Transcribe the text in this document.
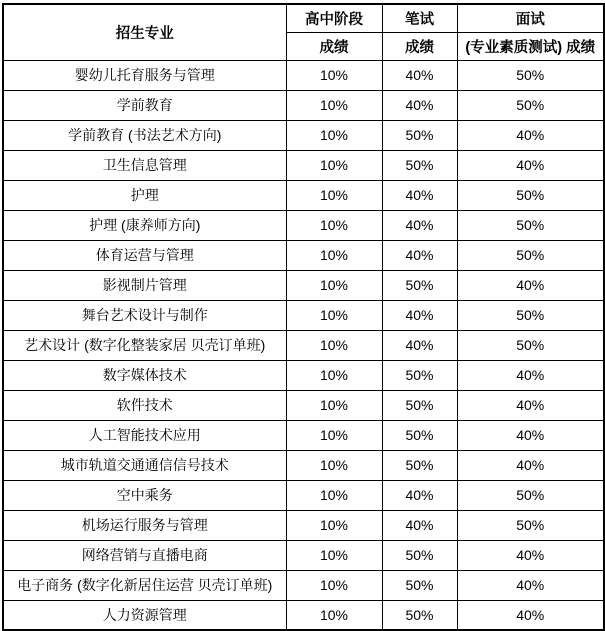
招生专业	高中阶段	笔试	面试
	成绩	成绩	(专业素质测试) 成绩
婴幼儿托育服务与管理	10%	40%	50%
学前教育	10%	40%	50%
学前教育 (书法艺术方向)	10%	50%	40%
卫生信息管理	10%	50%	40%
护理	10%	40%	50%
护理 (康养师方向)	10%	40%	50%
体育运营与管理	10%	40%	50%
影视制片管理	10%	50%	40%
舞台艺术设计与制作	10%	40%	50%
艺术设计 (数字化整装家居 贝壳订单班)	10%	40%	50%
数字媒体技术	10%	50%	40%
软件技术	10%	50%	40%
人工智能技术应用	10%	50%	40%
城市轨道交通通信信号技术	10%	50%	40%
空中乘务	10%	40%	50%
机场运行服务与管理	10%	40%	50%
网络营销与直播电商	10%	50%	40%
电子商务 (数字化新居住运营 贝壳订单班)	10%	50%	40%
人力资源管理	10%	50%	40%
